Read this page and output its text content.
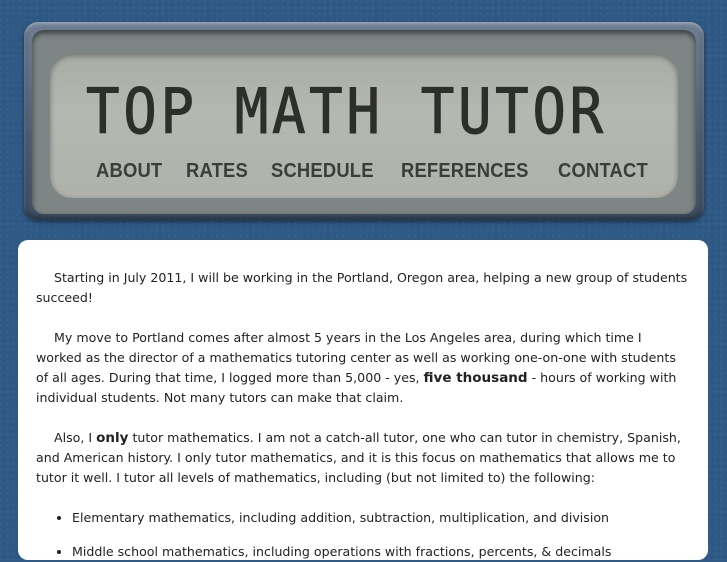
TOP MATH TUTOR
ABOUT RATES SCHEDULE REFERENCES CONTACT

Starting in July 2011, I will be working in the Portland, Oregon area, helping a new group of students succeed!

My move to Portland comes after almost 5 years in the Los Angeles area, during which time I worked as the director of a mathematics tutoring center as well as working one-on-one with students of all ages. During that time, I logged more than 5,000 - yes, five thousand - hours of working with individual students. Not many tutors can make that claim.

Also, I only tutor mathematics. I am not a catch-all tutor, one who can tutor in chemistry, Spanish, and American history. I only tutor mathematics, and it is this focus on mathematics that allows me to tutor it well. I tutor all levels of mathematics, including (but not limited to) the following:

• Elementary mathematics, including addition, subtraction, multiplication, and division
• Middle school mathematics, including operations with fractions, percents, & decimals
